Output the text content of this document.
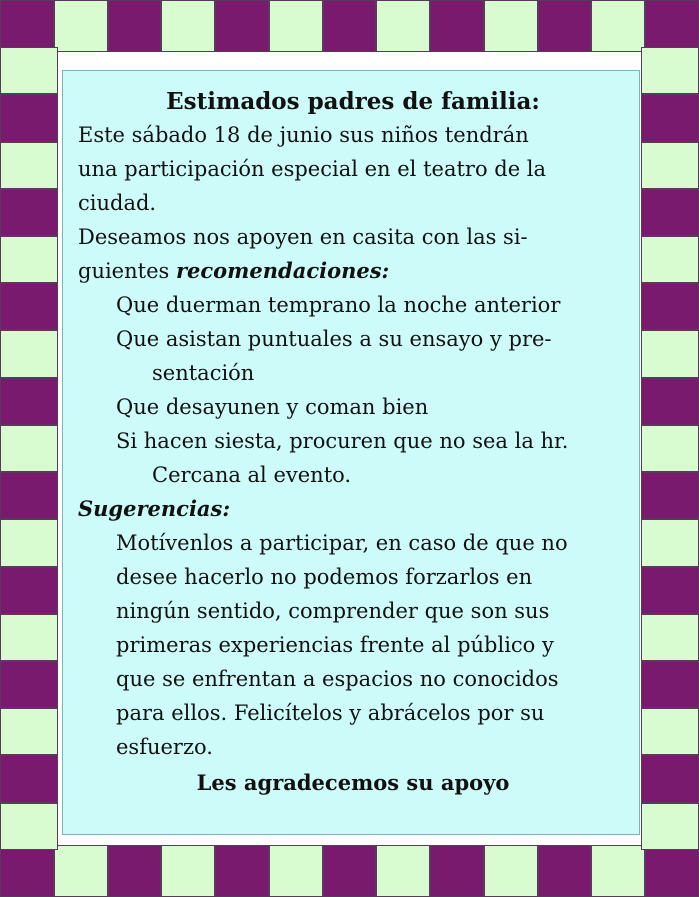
Estimados padres de familia:

Este sábado 18 de junio sus niños tendrán

una participación especial en el teatro de la

ciudad.

Deseamos nos apoyen en casita con las si-

guientes recomendaciones:

Que duerman temprano la noche anterior

Que asistan puntuales a su ensayo y pre-

sentación

Que desayunen y coman bien

Si hacen siesta, procuren que no sea la hr.

Cercana al evento.

Sugerencias:

Motívenlos a participar, en caso de que no

desee hacerlo no podemos forzarlos en

ningún sentido, comprender que son sus

primeras experiencias frente al público y

que se enfrentan a espacios no conocidos

para ellos. Felicítelos y abrácelos por su

esfuerzo.

Les agradecemos su apoyo
